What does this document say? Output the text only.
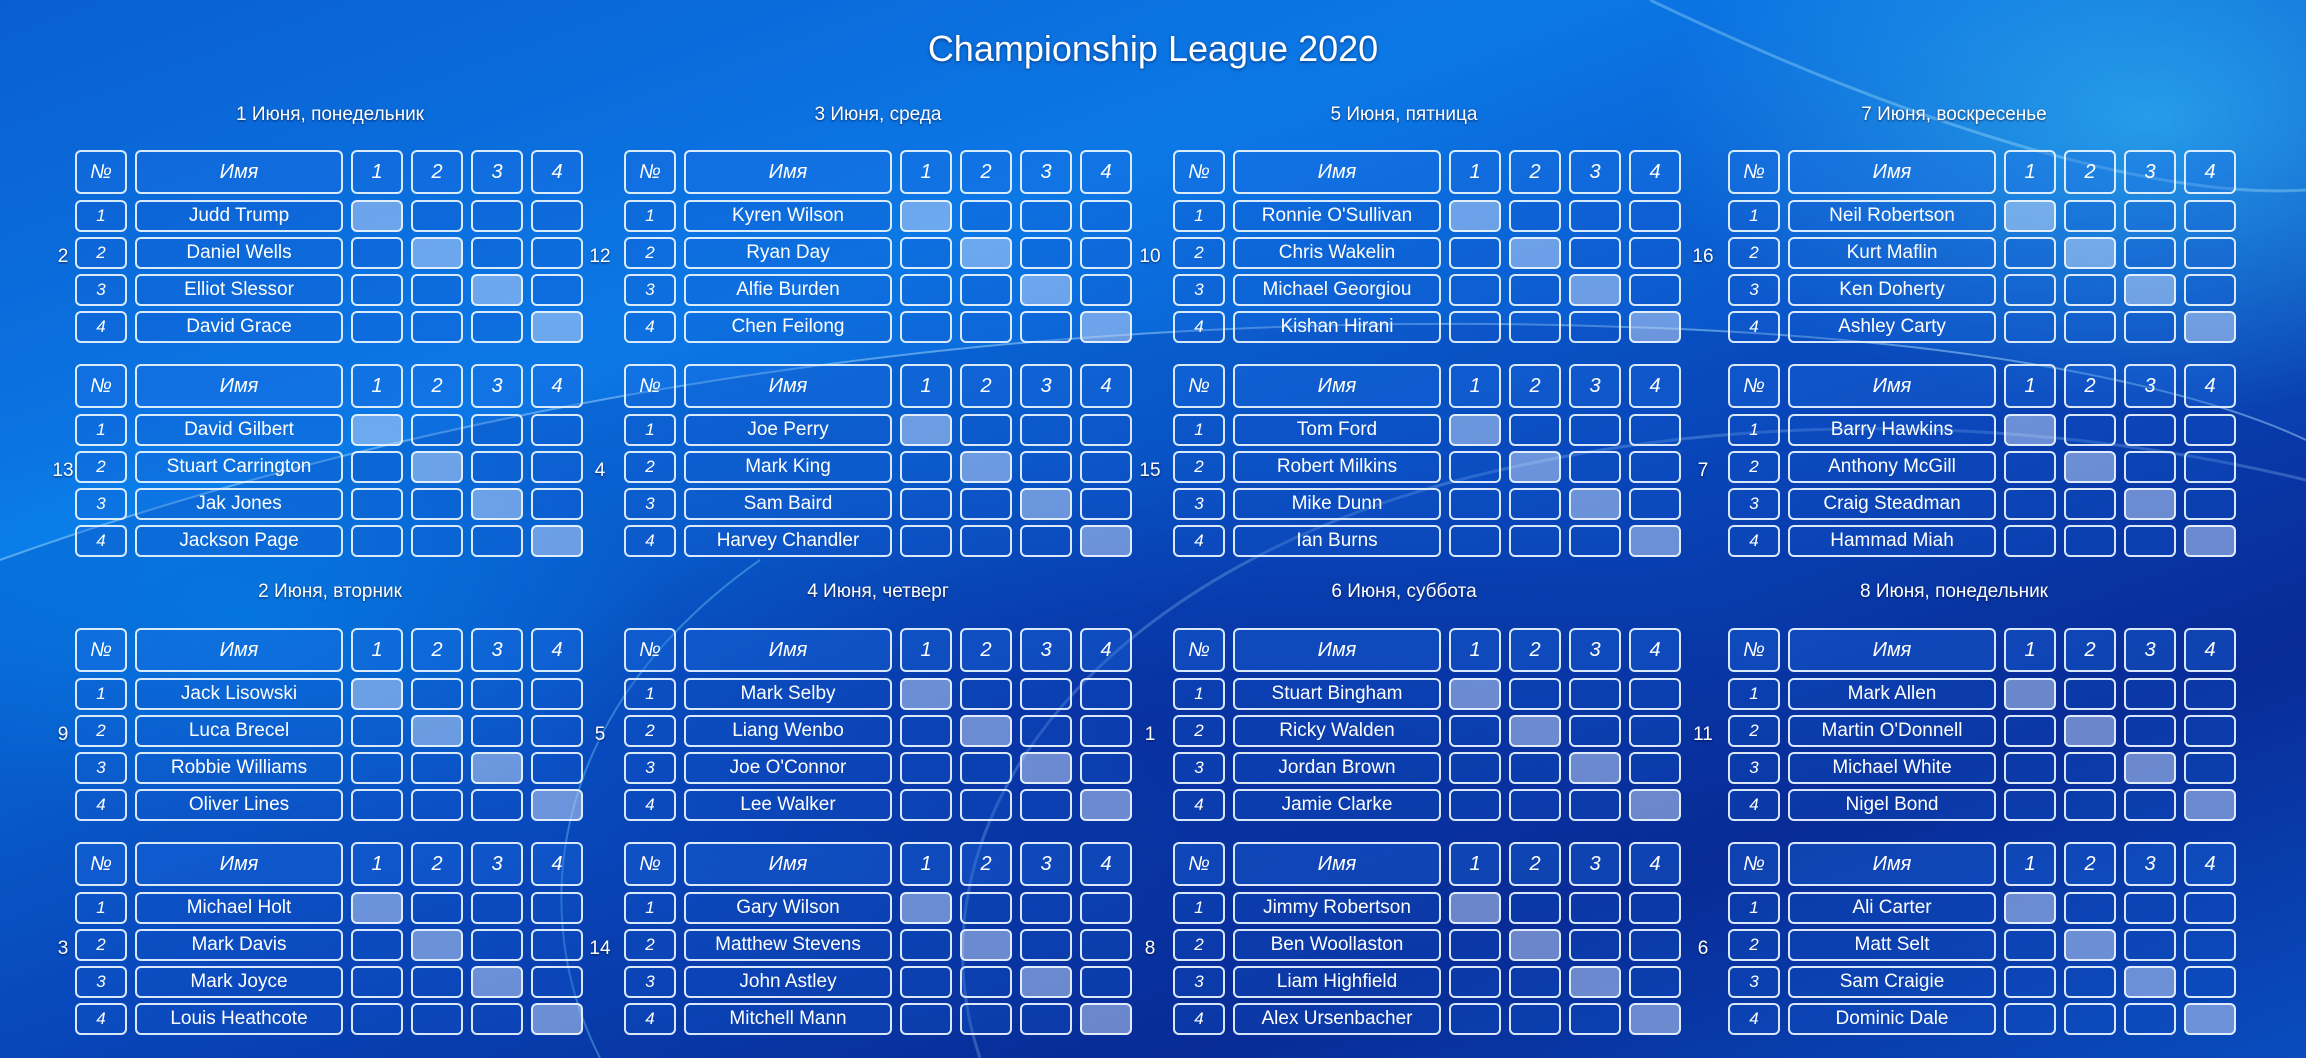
Championship League 2020
1 Июня, понедельник	3 Июня, среда	5 Июня, пятница	7 Июня, воскресенье
2 Июня, вторник	4 Июня, четверг	6 Июня, суббота	8 Июня, понедельник
2
№	Имя	1	2	3	4
1	Judd Trump
2	Daniel Wells
3	Elliot Slessor
4	David Grace
12
№	Имя	1	2	3	4
1	Kyren Wilson
2	Ryan Day
3	Alfie Burden
4	Chen Feilong
10
№	Имя	1	2	3	4
1	Ronnie O'Sullivan
2	Chris Wakelin
3	Michael Georgiou
4	Kishan Hirani
16
№	Имя	1	2	3	4
1	Neil Robertson
2	Kurt Maflin
3	Ken Doherty
4	Ashley Carty
13
№	Имя	1	2	3	4
1	David Gilbert
2	Stuart Carrington
3	Jak Jones
4	Jackson Page
4
№	Имя	1	2	3	4
1	Joe Perry
2	Mark King
3	Sam Baird
4	Harvey Chandler
15
№	Имя	1	2	3	4
1	Tom Ford
2	Robert Milkins
3	Mike Dunn
4	Ian Burns
7
№	Имя	1	2	3	4
1	Barry Hawkins
2	Anthony McGill
3	Craig Steadman
4	Hammad Miah
9
№	Имя	1	2	3	4
1	Jack Lisowski
2	Luca Brecel
3	Robbie Williams
4	Oliver Lines
5
№	Имя	1	2	3	4
1	Mark Selby
2	Liang Wenbo
3	Joe O'Connor
4	Lee Walker
1
№	Имя	1	2	3	4
1	Stuart Bingham
2	Ricky Walden
3	Jordan Brown
4	Jamie Clarke
11
№	Имя	1	2	3	4
1	Mark Allen
2	Martin O'Donnell
3	Michael White
4	Nigel Bond
3
№	Имя	1	2	3	4
1	Michael Holt
2	Mark Davis
3	Mark Joyce
4	Louis Heathcote
14
№	Имя	1	2	3	4
1	Gary Wilson
2	Matthew Stevens
3	John Astley
4	Mitchell Mann
8
№	Имя	1	2	3	4
1	Jimmy Robertson
2	Ben Woollaston
3	Liam Highfield
4	Alex Ursenbacher
6
№	Имя	1	2	3	4
1	Ali Carter
2	Matt Selt
3	Sam Craigie
4	Dominic Dale
